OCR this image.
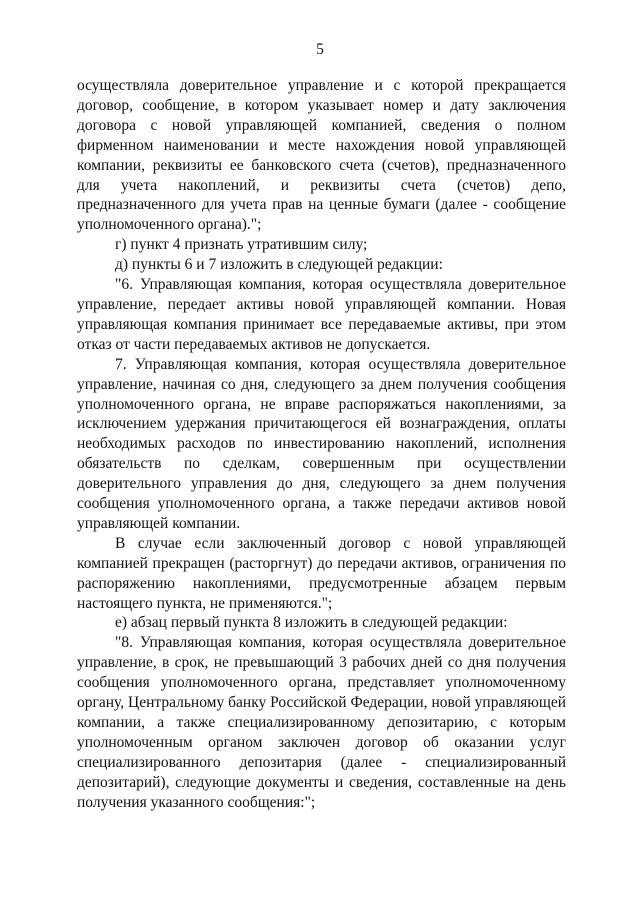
5

осуществляла доверительное управление и с которой прекращается договор, сообщение, в котором указывает номер и дату заключения договора с новой управляющей компанией, сведения о полном фирменном наименовании и месте нахождения новой управляющей компании, реквизиты ее банковского счета (счетов), предназначенного для учета накоплений, и реквизиты счета (счетов) депо, предназначенного для учета прав на ценные бумаги (далее - сообщение уполномоченного органа).";

г) пункт 4 признать утратившим силу;

д) пункты 6 и 7 изложить в следующей редакции:

"6. Управляющая компания, которая осуществляла доверительное управление, передает активы новой управляющей компании. Новая управляющая компания принимает все передаваемые активы, при этом отказ от части передаваемых активов не допускается.

7. Управляющая компания, которая осуществляла доверительное управление, начиная со дня, следующего за днем получения сообщения уполномоченного органа, не вправе распоряжаться накоплениями, за исключением удержания причитающегося ей вознаграждения, оплаты необходимых расходов по инвестированию накоплений, исполнения обязательств по сделкам, совершенным при осуществлении доверительного управления до дня, следующего за днем получения сообщения уполномоченного органа, а также передачи активов новой управляющей компании.

В случае если заключенный договор с новой управляющей компанией прекращен (расторгнут) до передачи активов, ограничения по распоряжению накоплениями, предусмотренные абзацем первым настоящего пункта, не применяются.";

е) абзац первый пункта 8 изложить в следующей редакции:

"8. Управляющая компания, которая осуществляла доверительное управление, в срок, не превышающий 3 рабочих дней со дня получения сообщения уполномоченного органа, представляет уполномоченному органу, Центральному банку Российской Федерации, новой управляющей компании, а также специализированному депозитарию, с которым уполномоченным органом заключен договор об оказании услуг специализированного депозитария (далее - специализированный депозитарий), следующие документы и сведения, составленные на день получения указанного сообщения:";
